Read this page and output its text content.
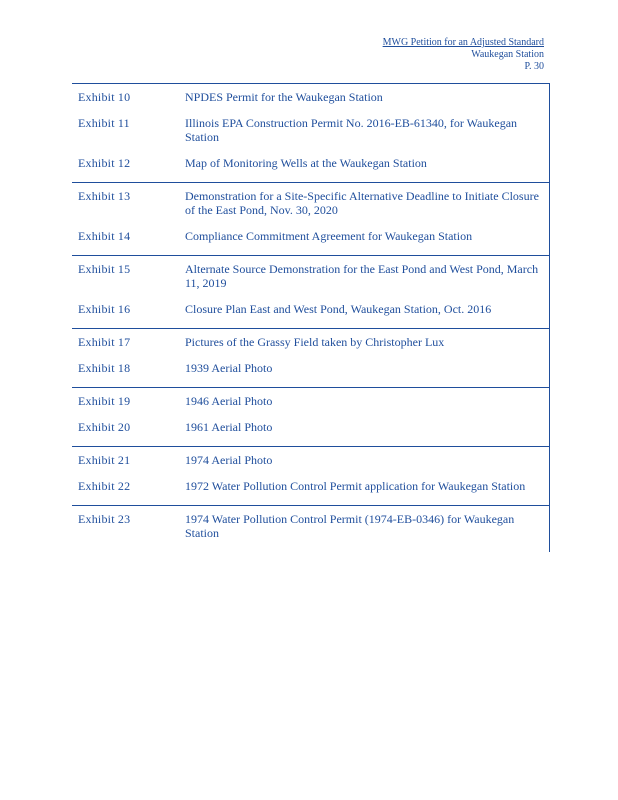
MWG Petition for an Adjusted Standard
Waukegan Station
P. 30
Exhibit 10	NPDES Permit for the Waukegan Station
Exhibit 11	Illinois EPA Construction Permit No. 2016-EB-61340, for Waukegan Station
Exhibit 12	Map of Monitoring Wells at the Waukegan Station
Exhibit 13	Demonstration for a Site-Specific Alternative Deadline to Initiate Closure of the East Pond, Nov. 30, 2020
Exhibit 14	Compliance Commitment Agreement for Waukegan Station
Exhibit 15	Alternate Source Demonstration for the East Pond and West Pond, March 11, 2019
Exhibit 16	Closure Plan East and West Pond, Waukegan Station, Oct. 2016
Exhibit 17	Pictures of the Grassy Field taken by Christopher Lux
Exhibit 18	1939 Aerial Photo
Exhibit 19	1946 Aerial Photo
Exhibit 20	1961 Aerial Photo
Exhibit 21	1974 Aerial Photo
Exhibit 22	1972 Water Pollution Control Permit application for Waukegan Station
Exhibit 23	1974 Water Pollution Control Permit (1974-EB-0346) for Waukegan Station
